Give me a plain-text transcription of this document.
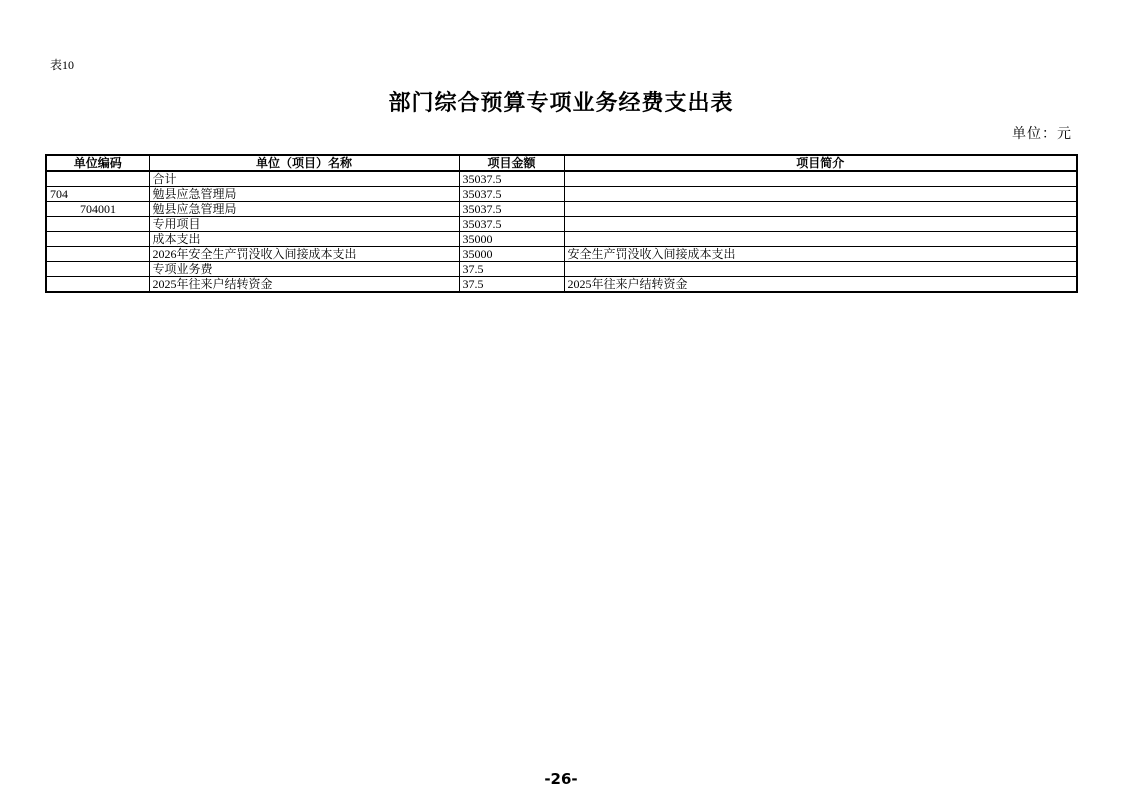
表10
部门综合预算专项业务经费支出表
单位：元
单位编码	单位（项目）名称	项目金额	项目简介
	合计	35037.5	
704	勉县应急管理局	35037.5	
704001	勉县应急管理局	35037.5	
	专用项目	35037.5	
	成本支出	35000	
	2026年安全生产罚没收入间接成本支出	35000	安全生产罚没收入间接成本支出
	专项业务费	37.5	
	2025年往来户结转资金	37.5	2025年往来户结转资金
-26-
